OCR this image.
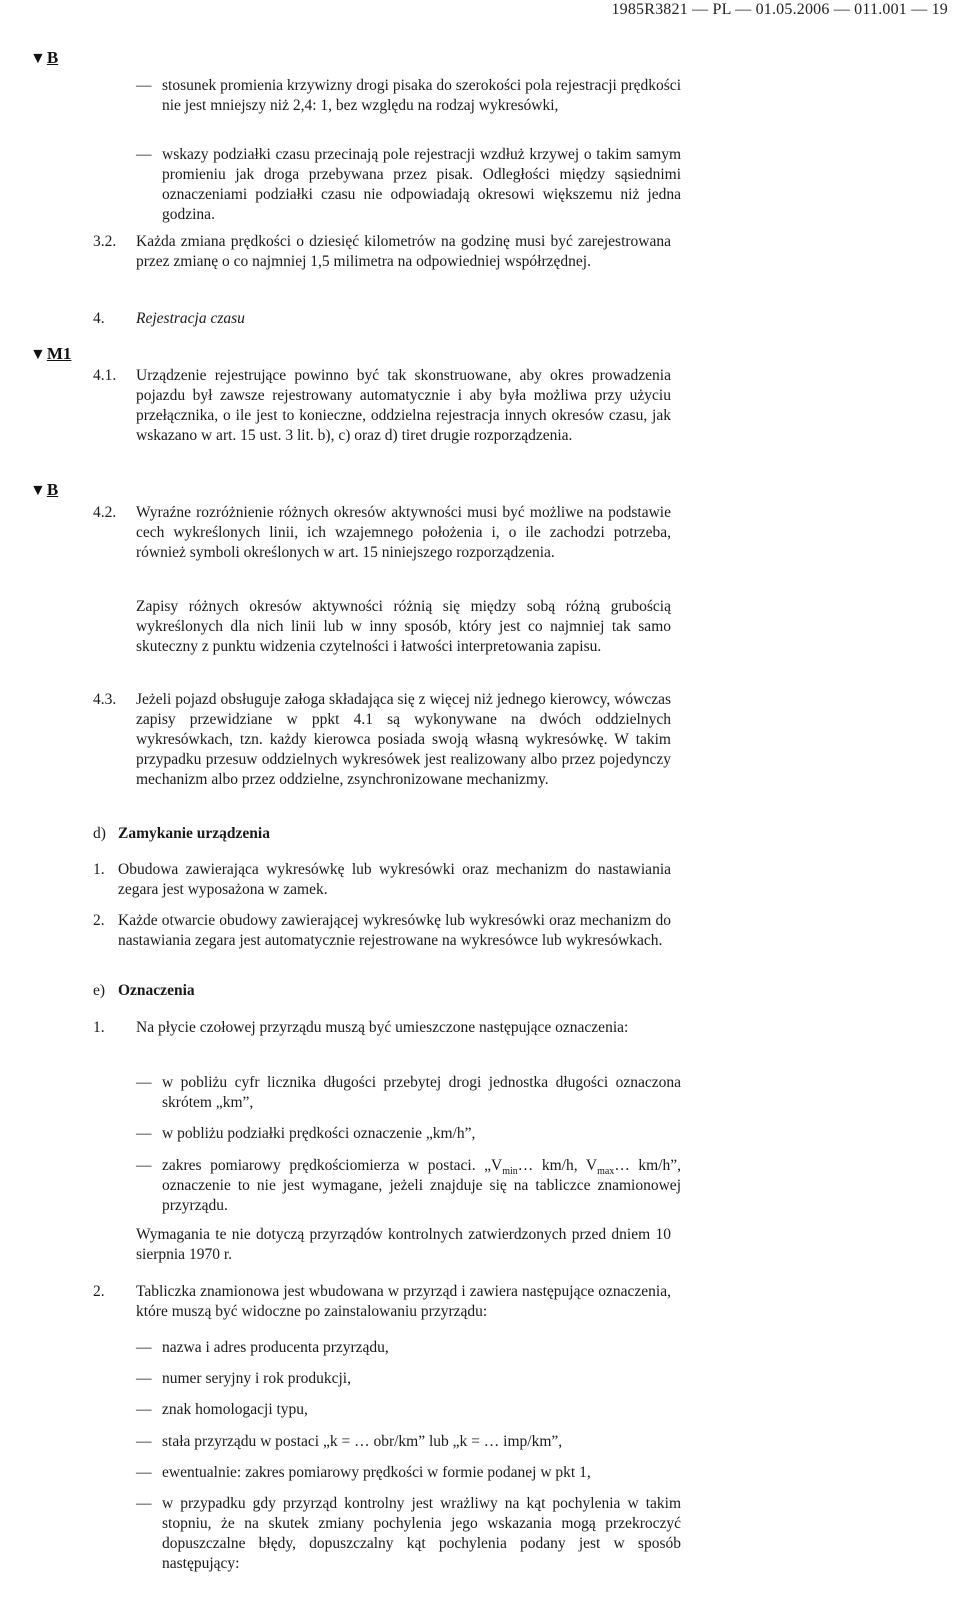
1985R3821 — PL — 01.05.2006 — 011.001 — 19
▼B
▼M1
▼B
— stosunek promienia krzywizny drogi pisaka do szerokości pola rejestracji prędkości nie jest mniejszy niż 2,4: 1, bez względu na rodzaj wykresówki,
— wskazy podziałki czasu przecinają pole rejestracji wzdłuż krzywej o takim samym promieniu jak droga przebywana przez pisak. Odległości między sąsiednimi oznaczeniami podziałki czasu nie odpowiadają okresowi większemu niż jedna godzina.
3.2. Każda zmiana prędkości o dziesięć kilometrów na godzinę musi być zarejestrowana przez zmianę o co najmniej 1,5 milimetra na odpowiedniej współrzędnej.
4. Rejestracja czasu
4.1. Urządzenie rejestrujące powinno być tak skonstruowane, aby okres prowadzenia pojazdu był zawsze rejestrowany automatycznie i aby była możliwa przy użyciu przełącznika, o ile jest to konieczne, oddzielna rejestracja innych okresów czasu, jak wskazano w art. 15 ust. 3 lit. b), c) oraz d) tiret drugie rozporządzenia.
4.2. Wyraźne rozróżnienie różnych okresów aktywności musi być możliwe na podstawie cech wykreślonych linii, ich wzajemnego położenia i, o ile zachodzi potrzeba, również symboli określonych w art. 15 niniejszego rozporządzenia.
Zapisy różnych okresów aktywności różnią się między sobą różną grubością wykreślonych dla nich linii lub w inny sposób, który jest co najmniej tak samo skuteczny z punktu widzenia czytelności i łatwości interpretowania zapisu.
4.3. Jeżeli pojazd obsługuje załoga składająca się z więcej niż jednego kierowcy, wówczas zapisy przewidziane w ppkt 4.1 są wykonywane na dwóch oddzielnych wykresówkach, tzn. każdy kierowca posiada swoją własną wykresówkę. W takim przypadku przesuw oddzielnych wykresówek jest realizowany albo przez pojedynczy mechanizm albo przez oddzielne, zsynchronizowane mechanizmy.
d) Zamykanie urządzenia
1. Obudowa zawierająca wykresówkę lub wykresówki oraz mechanizm do nastawiania zegara jest wyposażona w zamek.
2. Każde otwarcie obudowy zawierającej wykresówkę lub wykresówki oraz mechanizm do nastawiania zegara jest automatycznie rejestrowane na wykresówce lub wykresówkach.
e) Oznaczenia
1. Na płycie czołowej przyrządu muszą być umieszczone następujące oznaczenia:
— w pobliżu cyfr licznika długości przebytej drogi jednostka długości oznaczona skrótem „km”,
— w pobliżu podziałki prędkości oznaczenie „km/h”,
— zakres pomiarowy prędkościomierza w postaci. $„V_{min}\dots$ km/h, $V_{max}\dots$ km/h”, oznaczenie to nie jest wymagane, jeżeli znajduje się na tabliczce znamionowej przyrządu.
Wymagania te nie dotyczą przyrządów kontrolnych zatwierdzonych przed dniem 10 sierpnia 1970 r.
2. Tabliczka znamionowa jest wbudowana w przyrząd i zawiera następujące oznaczenia, które muszą być widoczne po zainstalowaniu przyrządu:
— nazwa i adres producenta przyrządu,
— numer seryjny i rok produkcji,
— znak homologacji typu,
— stała przyrządu w postaci „k = … obr/km” lub „k = … imp/km”,
— ewentualnie: zakres pomiarowy prędkości w formie podanej w pkt 1,
— w przypadku gdy przyrząd kontrolny jest wrażliwy na kąt pochylenia w takim stopniu, że na skutek zmiany pochylenia jego wskazania mogą przekroczyć dopuszczalne błędy, dopuszczalny kąt pochylenia podany jest w sposób następujący:
